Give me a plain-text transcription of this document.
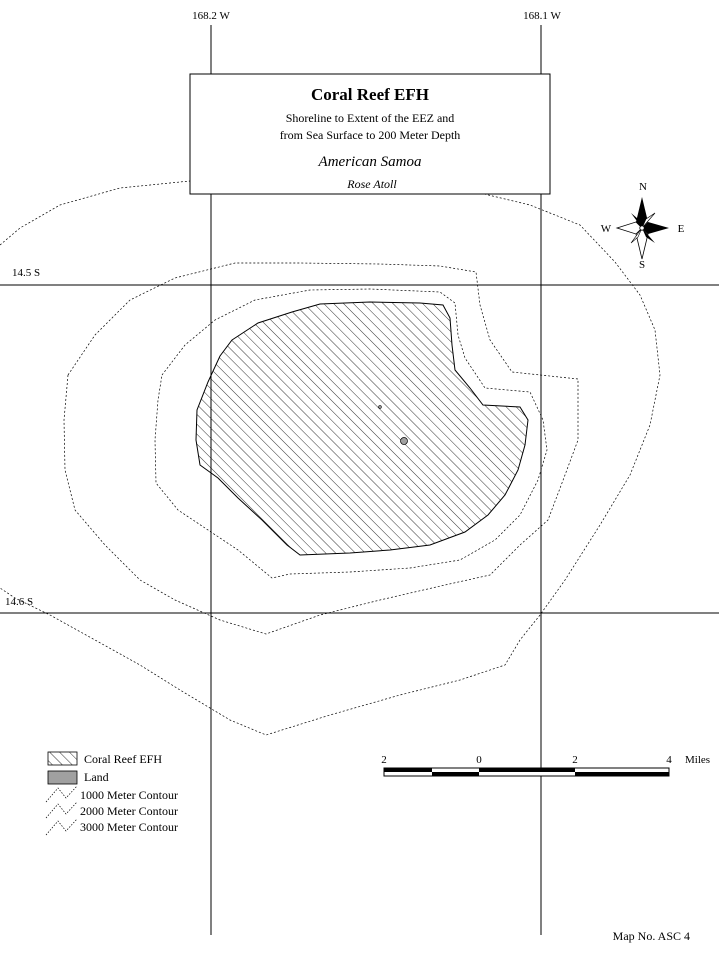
168.2 W	168.1 W
14.5 S
14.6 S
Coral Reef EFH
Shoreline to Extent of the EEZ and
from Sea Surface to 200 Meter Depth
American Samoa
Rose Atoll	N
S
W	E
Coral Reef EFH
Land
1000 Meter Contour
2000 Meter Contour
3000 Meter Contour
2	0	2	4 Miles
Map No. ASC 4
